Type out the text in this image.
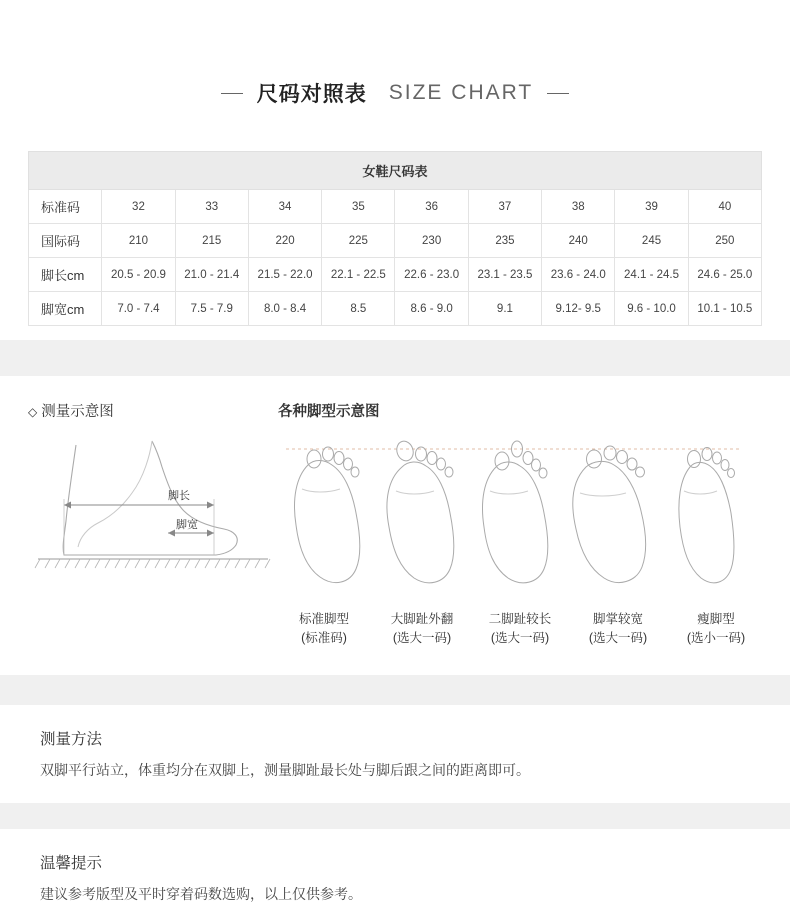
尺码对照表 SIZE CHART
女鞋尺码表									
标准码	32	33	34	35	36	37	38	39	40
国际码	210	215	220	225	230	235	240	245	250
脚长cm	20.5 - 20.9	21.0 - 21.4	21.5 - 22.0	22.1 - 22.5	22.6 - 23.0	23.1 - 23.5	23.6 - 24.0	24.1 - 24.5	24.6 - 25.0
脚宽cm	7.0 - 7.4	7.5 - 7.9	8.0 - 8.4	8.5	8.6 - 9.0	9.1	9.12- 9.5	9.6 - 10.0	10.1 - 10.5
◇ 测量示意图	各种脚型示意图
脚长
脚宽
标准脚型
(标准码)
大脚趾外翻
(选大一码)
二脚趾较长
(选大一码)
脚掌较宽
(选大一码)
瘦脚型
(选小一码)
测量方法
双脚平行站立，体重均分在双脚上，测量脚趾最长处与脚后跟之间的距离即可。
温馨提示
建议参考版型及平时穿着码数选购，以上仅供参考。
